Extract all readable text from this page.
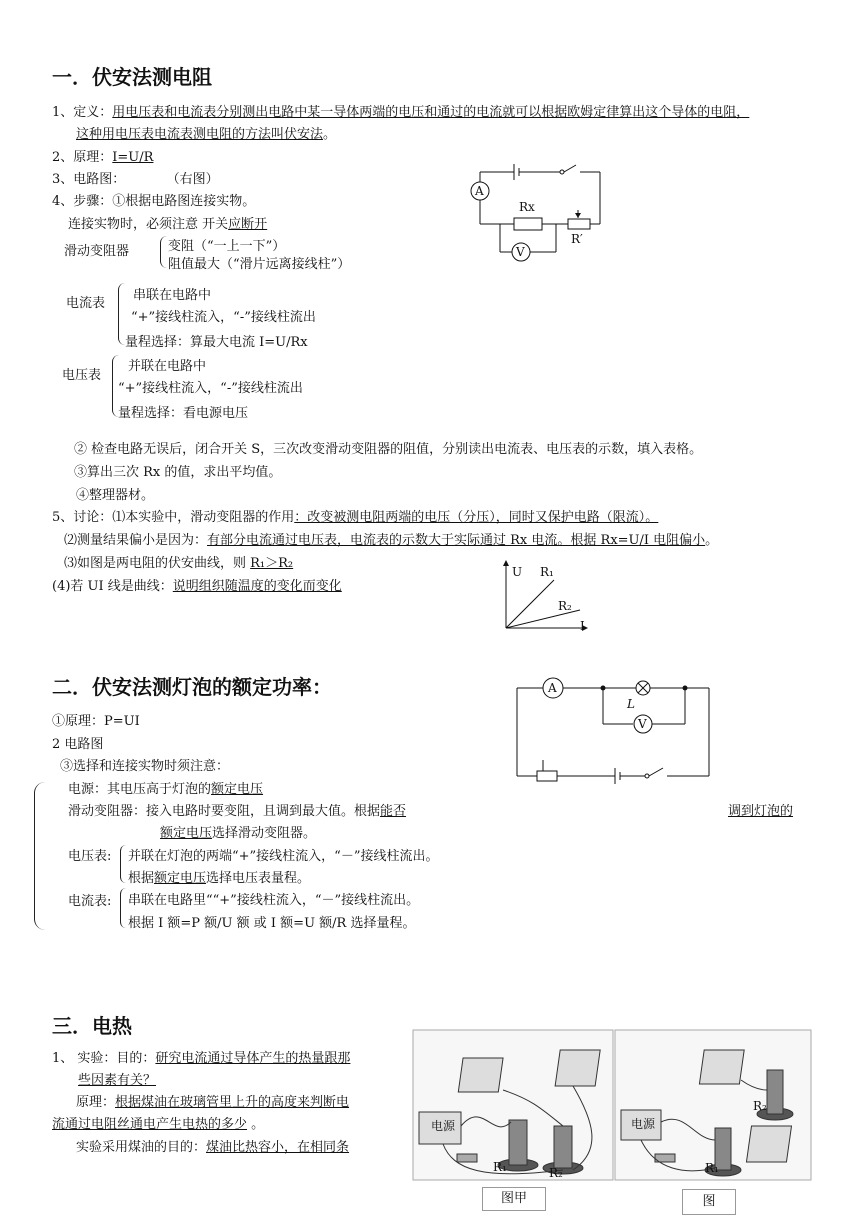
一．伏安法测电阻
1、定义：用电压表和电流表分别测出电路中某一导体两端的电压和通过的电流就可以根据欧姆定律算出这个导体的电阻，
这种用电压表电流表测电阻的方法叫伏安法。
2、原理：I=U/R
3、电路图：          （右图）
4、步骤：①根据电路图连接实物。
连接实物时，必须注意 开关应断开
滑动变阻器	变阻（“一上一下”）
阻值最大（“滑片远离接线柱”）
电流表
串联在电路中
“+”接线柱流入，“-”接线柱流出
量程选择：算最大电流 I=U/Rx
电压表
并联在电路中
“+”接线柱流入，“-”接线柱流出
量程选择：看电源电压
② 检查电路无误后，闭合开关 S，三次改变滑动变阻器的阻值，分别读出电流表、电压表的示数，填入表格。
③算出三次 Rx 的值，求出平均值。
④整理器材。
5、讨论：⑴本实验中，滑动变阻器的作用：改变被测电阻两端的电压（分压），同时又保护电路（限流）。
⑵测量结果偏小是因为：有部分电流通过电压表，电流表的示数大于实际通过 Rx 电流。根据 Rx=U/I 电阻偏小。
⑶如图是两电阻的伏安曲线，则 R₁＞R₂
(4)若 UI 线是曲线：说明组织随温度的变化而变化
A
V
Rx
R′
U R₁
R₂
I
二．伏安法测灯泡的额定功率：
①原理：P=UI
2 电路图
③选择和连接实物时须注意：
电源：其电压高于灯泡的额定电压
滑动变阻器：接入电路时要变阻，且调到最大值。根据能否	调到灯泡的
额定电压选择滑动变阻器。
电压表: 并联在灯泡的两端“+”接线柱流入，“－”接线柱流出。
根据额定电压选择电压表量程。
电流表: 串联在电路里““+”接线柱流入，“－”接线柱流出。
根据 I 额=P 额/U 额 或 I 额=U 额/R 选择量程。
A
V
L
三．电热
1、 实验：目的：研究电流通过导体产生的热量跟那
些因素有关？
原理：根据煤油在玻璃管里上升的高度来判断电
流通过电阻丝通电产生电热的多少 。
实验采用煤油的目的：煤油比热容小，在相同条
电源
R₁	R₂
图甲
电源
R₁
R₂
图
